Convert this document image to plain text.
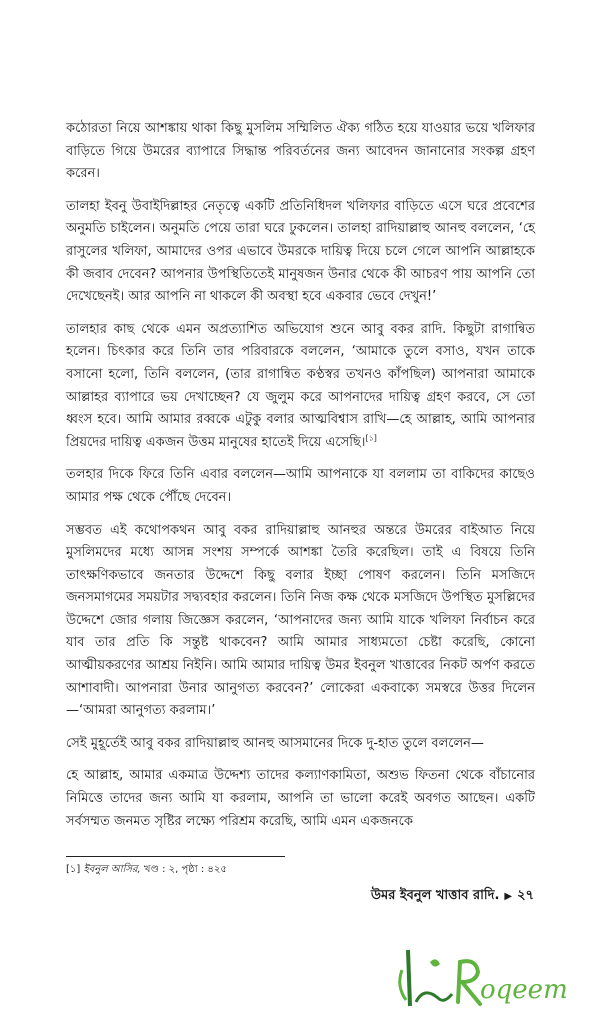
কঠোরতা নিয়ে আশঙ্কায় থাকা কিছু মুসলিম সম্মিলিত ঐক্য গঠিত হয়ে যাওয়ার ভয়ে খলিফার বাড়িতে গিয়ে উমরের ব্যাপারে সিদ্ধান্ত পরিবর্তনের জন্য আবেদন জানানোর সংকল্প গ্রহণ করেন।

তালহা ইবনু উবাইদিল্লাহর নেতৃত্বে একটি প্রতিনিধিদল খলিফার বাড়িতে এসে ঘরে প্রবেশের অনুমতি চাইলেন। অনুমতি পেয়ে তারা ঘরে ঢুকলেন। তালহা রাদিয়াল্লাহু আনহু বললেন, ‘হে রাসুলের খলিফা, আমাদের ওপর এভাবে উমরকে দায়িত্ব দিয়ে চলে গেলে আপনি আল্লাহকে কী জবাব দেবেন? আপনার উপস্থিতিতেই মানুষজন উনার থেকে কী আচরণ পায় আপনি তো দেখেছেনই। আর আপনি না থাকলে কী অবস্থা হবে একবার ভেবে দেখুন!’

তালহার কাছ থেকে এমন অপ্রত্যাশিত অভিযোগ শুনে আবু বকর রাদি. কিছুটা রাগান্বিত হলেন। চিৎকার করে তিনি তার পরিবারকে বললেন, ‘আমাকে তুলে বসাও, যখন তাকে বসানো হলো, তিনি বললেন, (তার রাগান্বিত কণ্ঠস্বর তখনও কাঁপছিল) আপনারা আমাকে আল্লাহর ব্যাপারে ভয় দেখাচ্ছেন? যে জুলুম করে আপনাদের দায়িত্ব গ্রহণ করবে, সে তো ধ্বংস হবে। আমি আমার রব্বকে এটুকু বলার আত্মবিশ্বাস রাখি—হে আল্লাহ, আমি আপনার প্রিয়দের দায়িত্ব একজন উত্তম মানুষের হাতেই দিয়ে এসেছি।[১]

তলহার দিকে ফিরে তিনি এবার বললেন—আমি আপনাকে যা বললাম তা বাকিদের কাছেও আমার পক্ষ থেকে পৌঁছে দেবেন।

সম্ভবত এই কথোপকথন আবু বকর রাদিয়াল্লাহু আনহুর অন্তরে উমরের বাইআত নিয়ে মুসলিমদের মধ্যে আসন্ন সংশয় সম্পর্কে আশঙ্কা তৈরি করেছিল। তাই এ বিষয়ে তিনি তাৎক্ষণিকভাবে জনতার উদ্দেশে কিছু বলার ইচ্ছা পোষণ করলেন। তিনি মসজিদে জনসমাগমের সময়টার সদ্ব্যবহার করলেন। তিনি নিজ কক্ষ থেকে মসজিদে উপস্থিত মুসল্লিদের উদ্দেশে জোর গলায় জিজ্ঞেস করলেন, ‘আপনাদের জন্য আমি যাকে খলিফা নির্বাচন করে যাব তার প্রতি কি সন্তুষ্ট থাকবেন? আমি আমার সাধ্যমতো চেষ্টা করেছি, কোনো আত্মীয়করণের আশ্রয় নিইনি। আমি আমার দায়িত্ব উমর ইবনুল খাত্তাবের নিকট অর্পণ করতে আশাবাদী। আপনারা উনার আনুগত্য করবেন?’ লোকেরা একবাক্যে সমস্বরে উত্তর দিলেন—‘আমরা আনুগত্য করলাম।’

সেই মুহূর্তেই আবু বকর রাদিয়াল্লাহু আনহু আসমানের দিকে দু-হাত তুলে বললেন—

হে আল্লাহ, আমার একমাত্র উদ্দেশ্য তাদের কল্যাণকামিতা, অশুভ ফিতনা থেকে বাঁচানোর নিমিত্তে তাদের জন্য আমি যা করলাম, আপনি তা ভালো করেই অবগত আছেন। একটি সর্বসম্মত জনমত সৃষ্টির লক্ষ্যে পরিশ্রম করেছি, আমি এমন একজনকে

[১] ইবনুল আসির, খণ্ড : ২, পৃষ্ঠা : ৪২৫
উমর ইবনুল খাত্তাব রাদি. ▶ ২৭
oqeem
